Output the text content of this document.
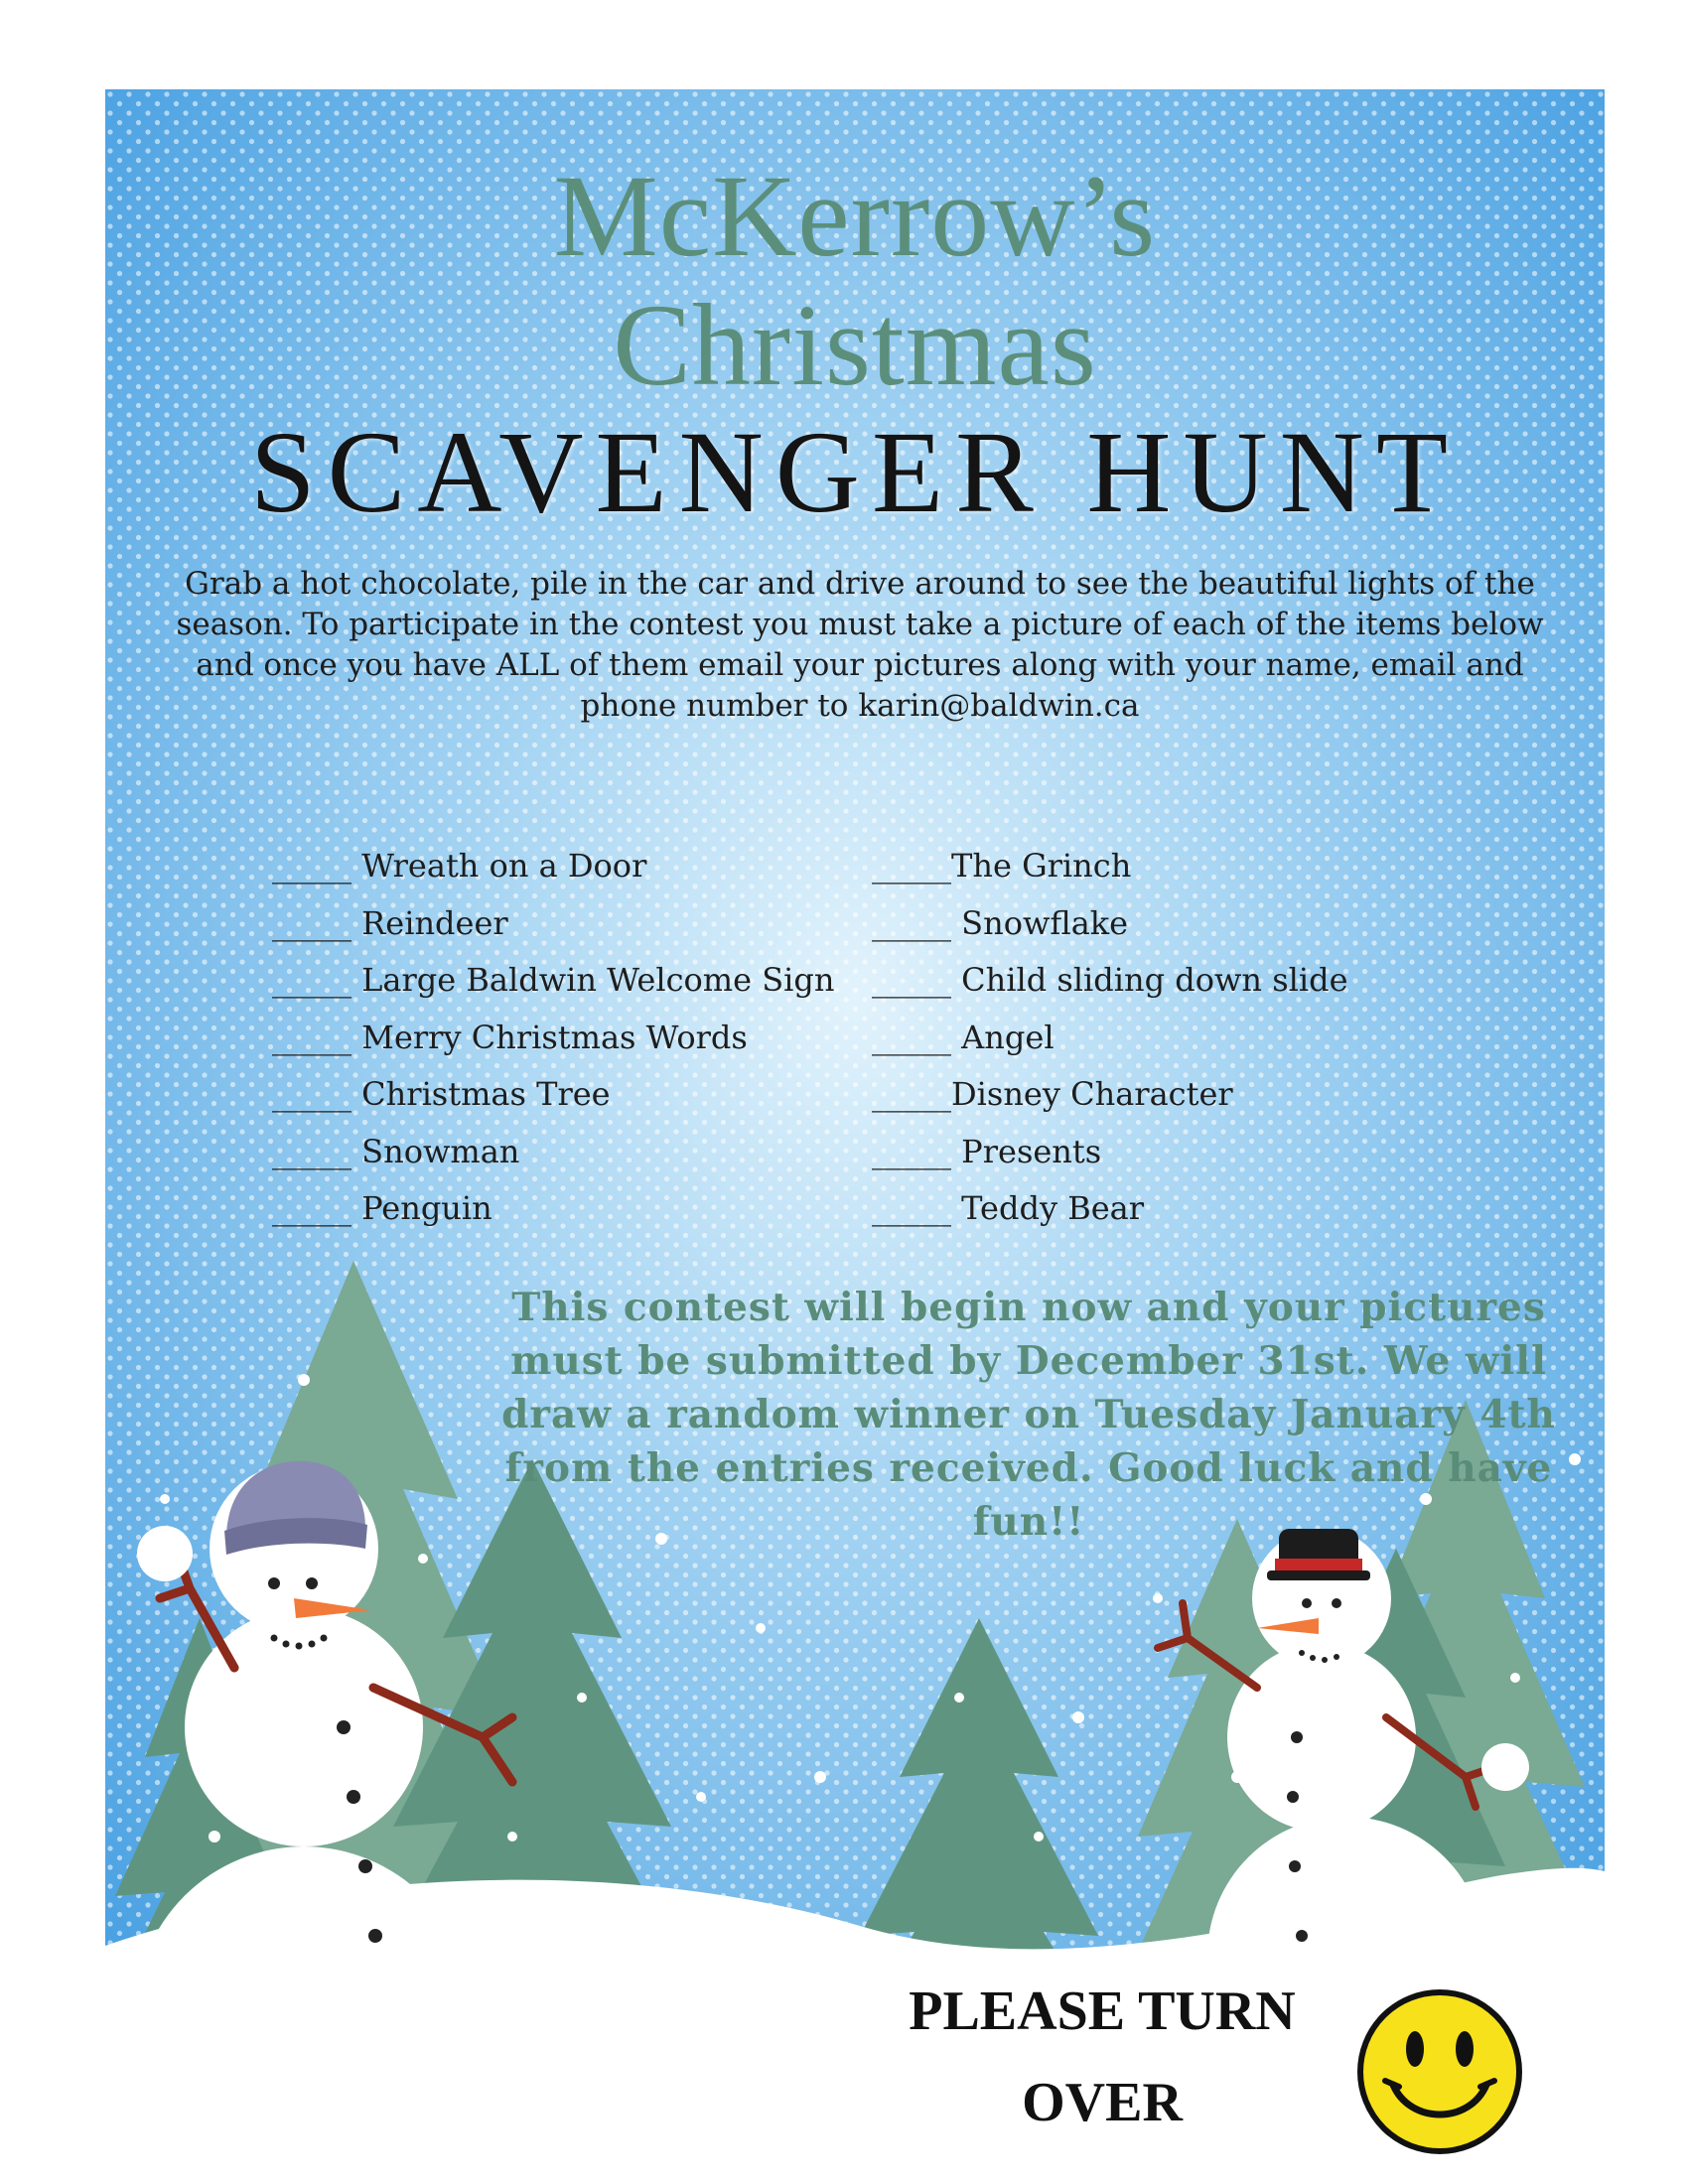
McKerrow’s
Christmas
SCAVENGER HUNT
Grab a hot chocolate, pile in the car and drive around to see the beautiful lights of the season. To participate in the contest you must take a picture of each of the items below and once you have ALL of them email your pictures along with your name, email and phone number to karin@baldwin.ca
_____ Wreath on a Door
_____ Reindeer
_____ Large Baldwin Welcome Sign
_____ Merry Christmas Words
_____ Christmas Tree
_____ Snowman
_____ Penguin
_____The Grinch
_____ Snowflake
_____ Child sliding down slide
_____ Angel
_____Disney Character
_____ Presents
_____ Teddy Bear
This contest will begin now and your pictures must be submitted by December 31st. We will draw a random winner on Tuesday January 4th from the entries received. Good luck and have fun!!
PLEASE TURN
OVER
